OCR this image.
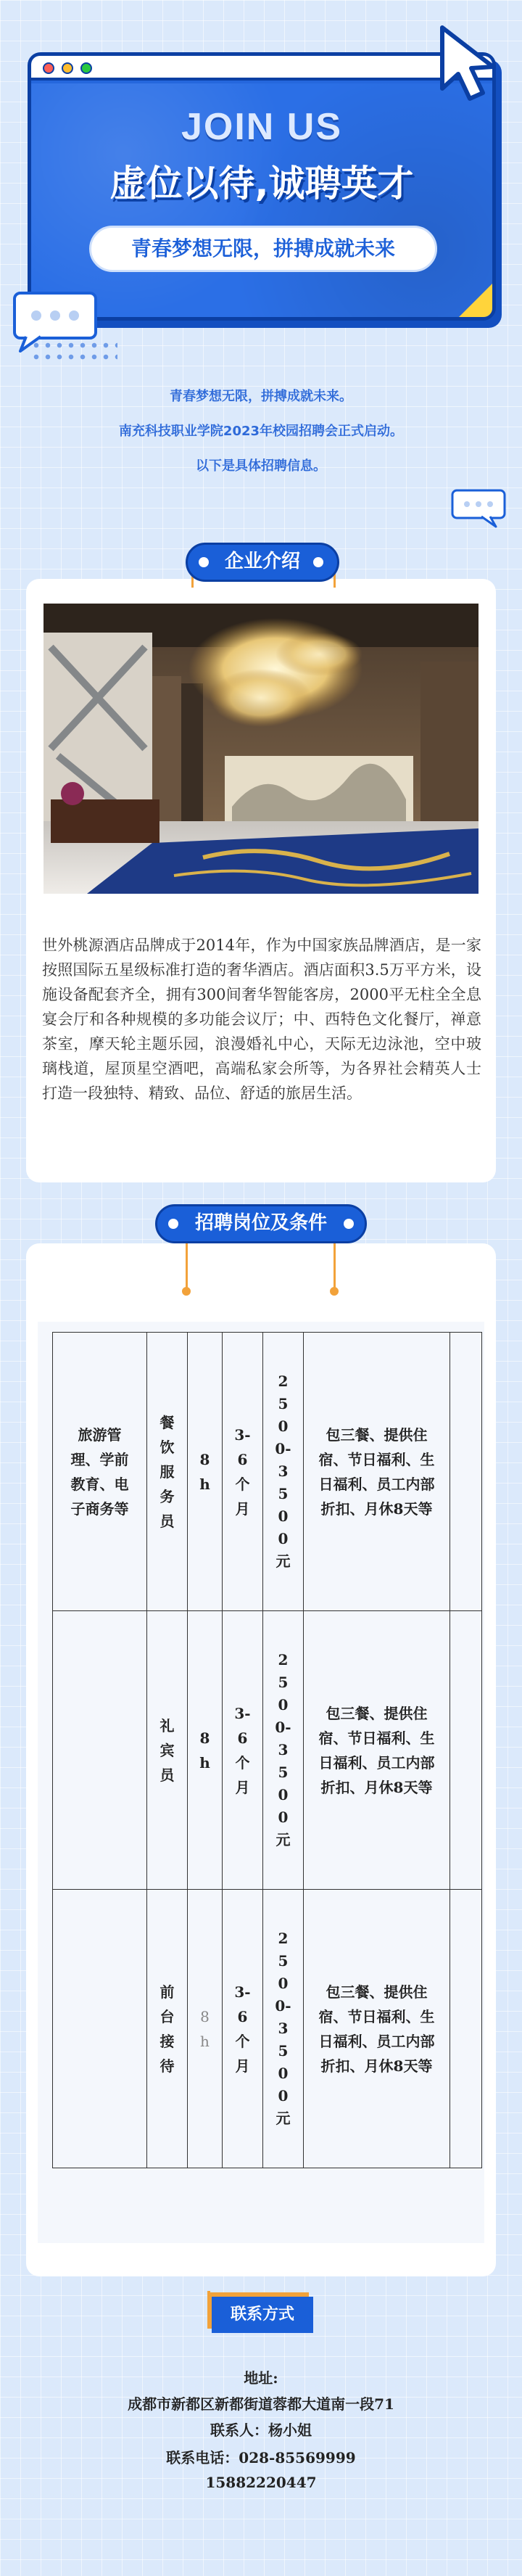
JOIN US
虚位以待,诚聘英才
青春梦想无限，拼搏成就未来
青春梦想无限，拼搏成就未来。
南充科技职业学院2023年校园招聘会正式启动。
以下是具体招聘信息。
企业介绍
世外桃源酒店品牌成于2014年，作为中国家族品牌酒店，是一家按照国际五星级标准打造的奢华酒店。酒店面积3.5万平方米，设施设备配套齐全，拥有300间奢华智能客房，2000平无柱全全息宴会厅和各种规模的多功能会议厅；中、西特色文化餐厅，禅意茶室，摩天轮主题乐园，浪漫婚礼中心，天际无边泳池，空中玻璃栈道，屋顶星空酒吧，高端私家会所等，为各界社会精英人士打造一段独特、精致、品位、舒适的旅居生活。
招聘岗位及条件
旅游管理、学前教育、电子商务等	餐饮服务员	8h	3-6个月	2500-3500元	包三餐、提供住宿、节日福利、生日福利、员工内部折扣、月休8天等	
	礼宾员	8h	3-6个月	2500-3500元	包三餐、提供住宿、节日福利、生日福利、员工内部折扣、月休8天等	
	前台接待	8h	3-6个月	2500-3500元	包三餐、提供住宿、节日福利、生日福利、员工内部折扣、月休8天等	
联系方式
地址:
成都市新都区新都街道蓉都大道南一段71
联系人：杨小姐
联系电话：028-85569999
15882220447
